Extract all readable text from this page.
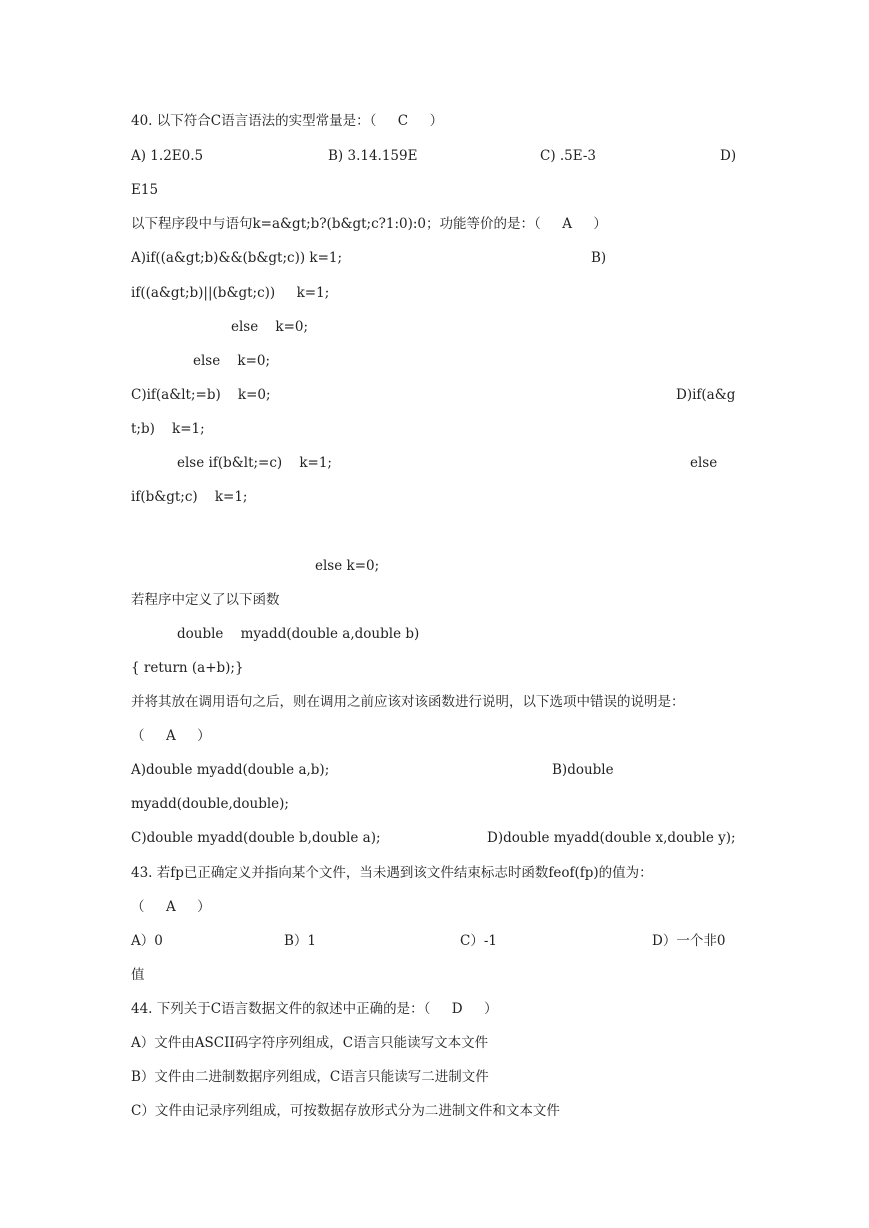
40. 以下符合C语言语法的实型常量是：（     C     ）
A) 1.2E0.5	B) 3.14.159E	C) .5E-3	D)
E15
以下程序段中与语句k=a&gt;b?(b&gt;c?1:0):0；功能等价的是：（     A     ）
A)if((a&gt;b)&&(b&gt;c)) k=1;	B)
if((a&gt;b)||(b&gt;c))     k=1;
else    k=0;
else    k=0;
C)if(a&lt;=b)    k=0;	D)if(a&g
t;b)    k=1;
else if(b&lt;=c)    k=1;	else
if(b&gt;c)    k=1;
else k=0;
若程序中定义了以下函数
double    myadd(double a,double b)
{ return (a+b);}
并将其放在调用语句之后，则在调用之前应该对该函数进行说明，以下选项中错误的说明是：
（     A     ）
A)double myadd(double a,b);	B)double
myadd(double,double);
C)double myadd(double b,double a);	D)double myadd(double x,double y);
43. 若fp已正确定义并指向某个文件，当未遇到该文件结束标志时函数feof(fp)的值为：
（     A     ）
A）0	B）1	C）-1	D）一个非0
值
44. 下列关于C语言数据文件的叙述中正确的是：（     D     ）
A）文件由ASCII码字符序列组成，C语言只能读写文本文件
B）文件由二进制数据序列组成，C语言只能读写二进制文件
C）文件由记录序列组成，可按数据存放形式分为二进制文件和文本文件
